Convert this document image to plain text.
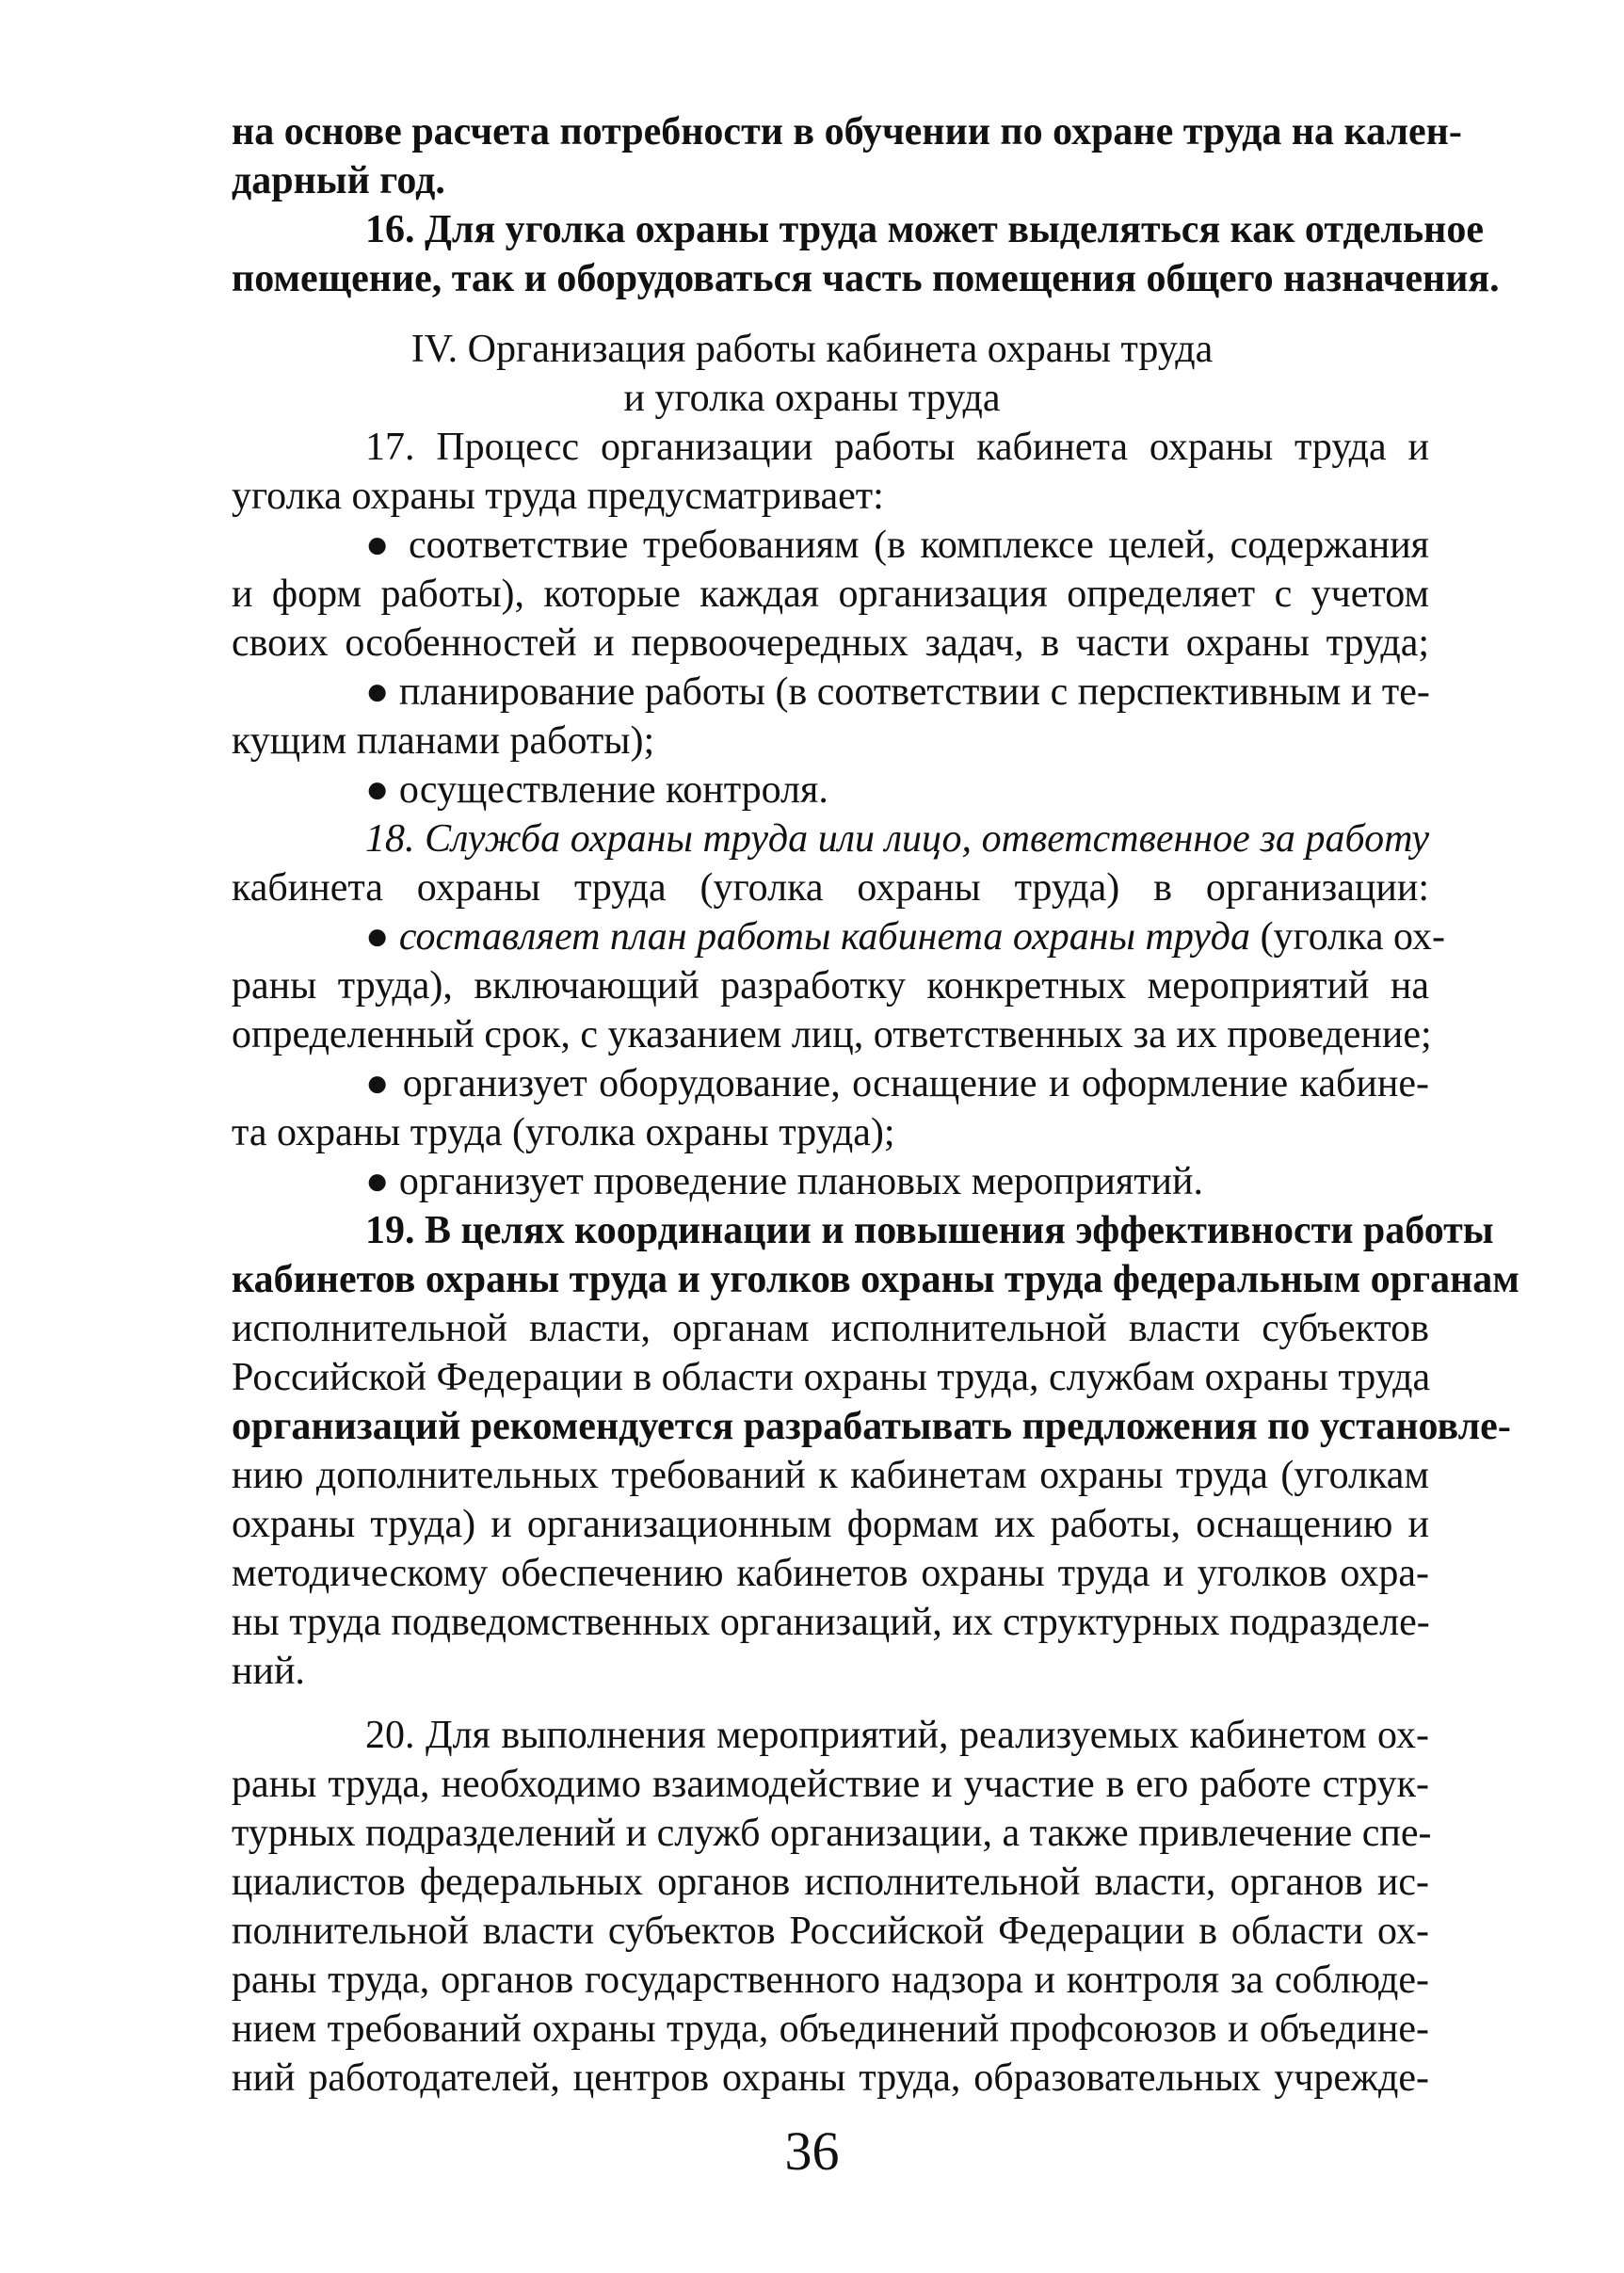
на основе расчета потребности в обучении по охране труда на кален-
дарный год.
16. Для уголка охраны труда может выделяться как отдельное
помещение, так и оборудоваться часть помещения общего назначения.
IV. Организация работы кабинета охраны труда
и уголка охраны труда
17. Процесс организации работы кабинета охраны труда и
уголка охраны труда предусматривает:
● соответствие требованиям (в комплексе целей, содержания
и форм работы), которые каждая организация определяет с учетом
своих особенностей и первоочередных задач, в части охраны труда;
● планирование работы (в соответствии с перспективным и те-
кущим планами работы);
● осуществление контроля.
18. Служба охраны труда или лицо, ответственное за работу
кабинета охраны труда (уголка охраны труда) в организации:
● составляет план работы кабинета охраны труда (уголка ох-
раны труда), включающий разработку конкретных мероприятий на
определенный срок, с указанием лиц, ответственных за их проведение;
● организует оборудование, оснащение и оформление кабине-
та охраны труда (уголка охраны труда);
● организует проведение плановых мероприятий.
19. В целях координации и повышения эффективности работы
кабинетов охраны труда и уголков охраны труда федеральным органам
исполнительной власти, органам исполнительной власти субъектов
Российской Федерации в области охраны труда, службам охраны труда
организаций рекомендуется разрабатывать предложения по установле-
нию дополнительных требований к кабинетам охраны труда (уголкам
охраны труда) и организационным формам их работы, оснащению и
методическому обеспечению кабинетов охраны труда и уголков охра-
ны труда подведомственных организаций, их структурных подразделе-
ний.
20. Для выполнения мероприятий, реализуемых кабинетом ох-
раны труда, необходимо взаимодействие и участие в его работе струк-
турных подразделений и служб организации, а также привлечение спе-
циалистов федеральных органов исполнительной власти, органов ис-
полнительной власти субъектов Российской Федерации в области ох-
раны труда, органов государственного надзора и контроля за соблюде-
нием требований охраны труда, объединений профсоюзов и объедине-
ний работодателей, центров охраны труда, образовательных учрежде-
36
